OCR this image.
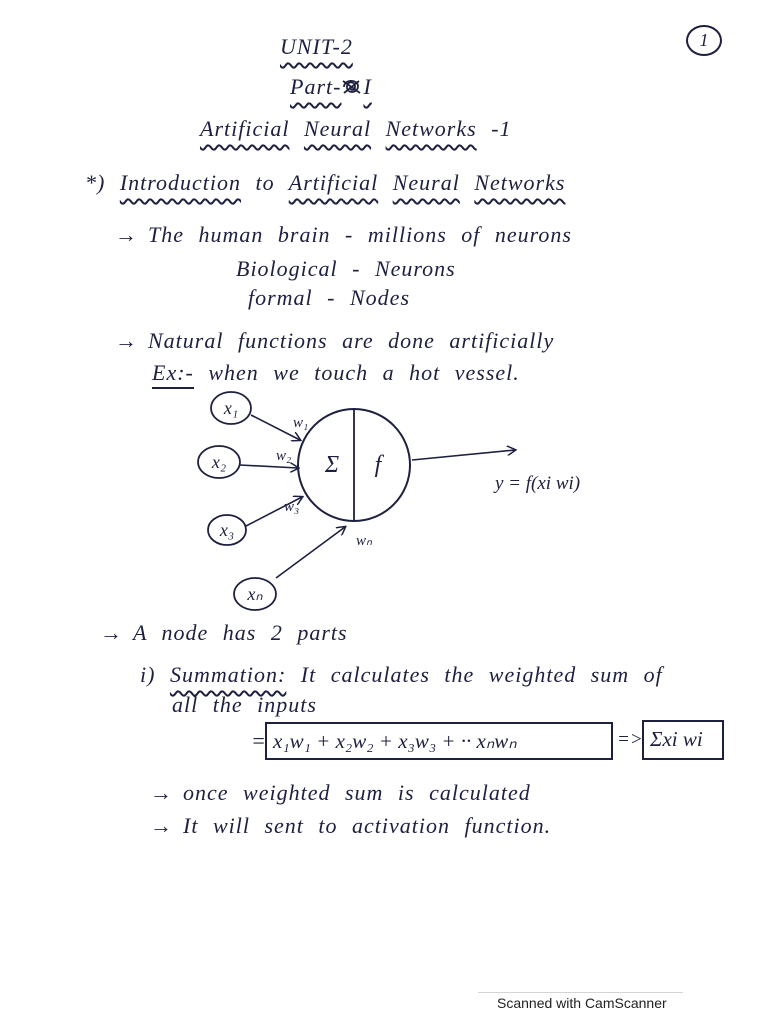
1
UNIT-2
Part- I
Artificial Neural Networks -1
*) Introduction to Artificial Neural Networks
→ The human brain - millions of neurons
Biological - Neurons
formal - Nodes
→ Natural functions are done artificially
Ex:- when we touch a hot vessel.
x₁
x₂
x₃
xₙ
w₁
w₂
w₃
wₙ
Σ f
y = f(xi wi)
→ A node has 2 parts
i) Summation: It calculates the weighted sum of
all the inputs
= x₁w₁ + x₂w₂ + x₃w₃ + ·· xₙwₙ	=> Σxi wi
→ once weighted sum is calculated
→ It will sent to activation function.
Scanned with CamScanner
